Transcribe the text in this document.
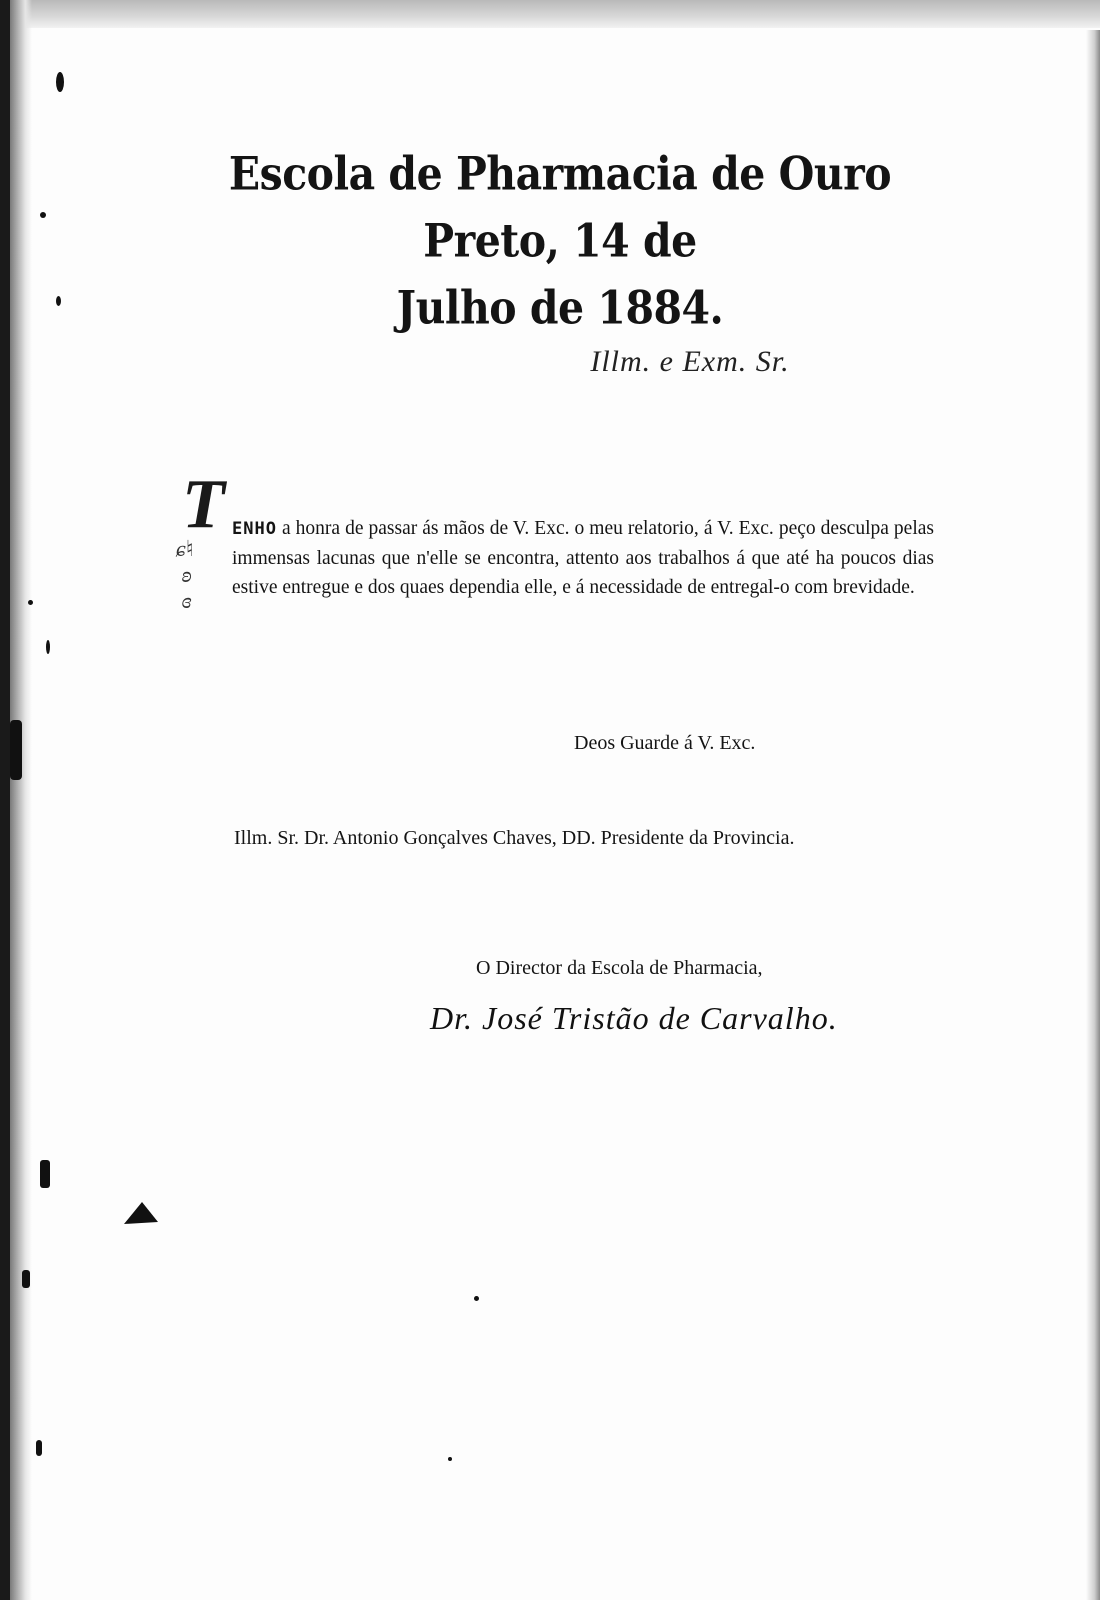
Escola de Pharmacia de Ouro Preto, 14 de
Julho de 1884.
Illm. e Exm. Sr.
T
ɕ♮
ʚ
ɞ

ENHO a honra de passar ás mãos de V. Exc. o meu relatorio, á V. Exc. peço desculpa pelas immensas lacunas que n'elle se encontra, attento aos trabalhos á que até ha poucos dias estive entregue e dos quaes dependia elle, e á necessidade de entregal-o com brevidade.

Deos Guarde á V. Exc.
Illm. Sr. Dr. Antonio Gonçalves Chaves, DD. Presidente da Provincia.
O Director da Escola de Pharmacia,
Dr. José Tristão de Carvalho.
